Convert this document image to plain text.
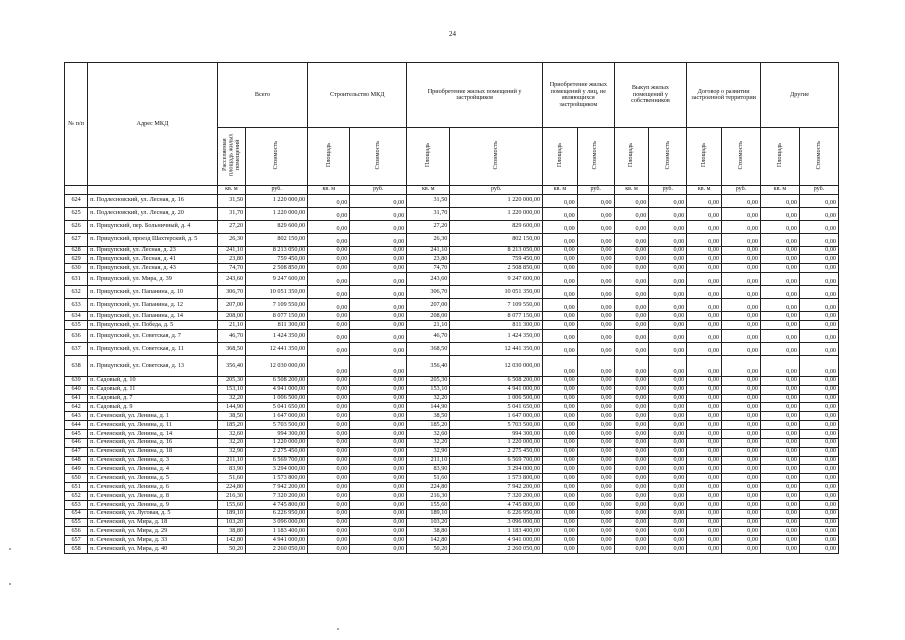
24
№ п/п	Адрес МКД	Всего		Строительство МКД		Приобретение жилых помещений у застройщиков		Приобретение жилых помещений у лиц, не являющихся застройщиком		Выкуп жилых помещений у собственников		Договор о развитии застроенной территории		Другие	
		Расселяемая площадь жилых помещений	Стоимость	Площадь	Стоимость	Площадь	Стоимость	Площадь	Стоимость	Площадь	Стоимость	Площадь	Стоимость	Площадь	Стоимость
		кв. м	руб.	кв. м	руб.	кв. м	руб.	кв. м	руб.	кв. м	руб.	кв. м	руб.	кв. м	руб.
624	п. Подлесновский, ул. Лесная, д. 16	31,50	1 220 000,00	0,00	0,00	31,50	1 220 000,00	0,00	0,00	0,00	0,00	0,00	0,00	0,00	0,00
625	п. Подлесновский, ул. Лесная, д. 20	31,70	1 220 000,00	0,00	0,00	31,70	1 220 000,00	0,00	0,00	0,00	0,00	0,00	0,00	0,00	0,00
626	п. Прицупский, пер. Больничный, д. 4	27,20	829 600,00	0,00	0,00	27,20	829 600,00	0,00	0,00	0,00	0,00	0,00	0,00	0,00	0,00
627	п. Прицупский, проезд Шахтерский, д. 5	26,30	802 150,00	0,00	0,00	26,30	802 150,00	0,00	0,00	0,00	0,00	0,00	0,00	0,00	0,00
628	п. Прицупский, ул. Лесная, д. 23	241,10	8 213 050,00	0,00	0,00	241,10	8 213 050,00	0,00	0,00	0,00	0,00	0,00	0,00	0,00	0,00
629	п. Прицупский, ул. Лесная, д. 41	23,80	759 450,00	0,00	0,00	23,80	759 450,00	0,00	0,00	0,00	0,00	0,00	0,00	0,00	0,00
630	п. Прицупский, ул. Лесная, д. 43	74,70	2 508 850,00	0,00	0,00	74,70	2 508 850,00	0,00	0,00	0,00	0,00	0,00	0,00	0,00	0,00
631	п. Прицупский, ул. Мира, д. 39	243,60	9 247 600,00	0,00	0,00	243,60	9 247 600,00	0,00	0,00	0,00	0,00	0,00	0,00	0,00	0,00
632	п. Прицупский, ул. Папанина, д. 10	306,70	10 051 350,00	0,00	0,00	306,70	10 051 350,00	0,00	0,00	0,00	0,00	0,00	0,00	0,00	0,00
633	п. Прицупский, ул. Папанина, д. 12	207,00	7 109 550,00	0,00	0,00	207,00	7 109 550,00	0,00	0,00	0,00	0,00	0,00	0,00	0,00	0,00
634	п. Прицупский, ул. Папанина, д. 14	208,00	8 077 150,00	0,00	0,00	208,00	8 077 150,00	0,00	0,00	0,00	0,00	0,00	0,00	0,00	0,00
635	п. Прицупский, ул. Победа, д. 5	21,10	811 300,00	0,00	0,00	21,10	811 300,00	0,00	0,00	0,00	0,00	0,00	0,00	0,00	0,00
636	п. Прицупский, ул. Советская, д. 7	46,70	1 424 350,00	0,00	0,00	46,70	1 424 350,00	0,00	0,00	0,00	0,00	0,00	0,00	0,00	0,00
637	п. Прицупский, ул. Советская, д. 11	368,50	12 441 350,00	0,00	0,00	368,50	12 441 350,00	0,00	0,00	0,00	0,00	0,00	0,00	0,00	0,00
638	п. Прицупский, ул. Советская, д. 13	356,40	12 030 000,00	0,00	0,00	356,40	12 030 000,00	0,00	0,00	0,00	0,00	0,00	0,00	0,00	0,00
639	п. Садовый, д. 10	205,30	6 508 200,00	0,00	0,00	205,30	6 508 200,00	0,00	0,00	0,00	0,00	0,00	0,00	0,00	0,00
640	п. Садовый, д. 11	153,10	4 941 000,00	0,00	0,00	153,10	4 941 000,00	0,00	0,00	0,00	0,00	0,00	0,00	0,00	0,00
641	п. Садовый, д. 7	32,20	1 006 500,00	0,00	0,00	32,20	1 006 500,00	0,00	0,00	0,00	0,00	0,00	0,00	0,00	0,00
642	п. Садовый, д. 9	144,90	5 041 650,00	0,00	0,00	144,90	5 041 650,00	0,00	0,00	0,00	0,00	0,00	0,00	0,00	0,00
643	п. Сеченский, ул. Ленина, д. 1	38,50	1 647 000,00	0,00	0,00	38,50	1 647 000,00	0,00	0,00	0,00	0,00	0,00	0,00	0,00	0,00
644	п. Сеченский, ул. Ленина, д. 11	185,20	5 703 500,00	0,00	0,00	185,20	5 703 500,00	0,00	0,00	0,00	0,00	0,00	0,00	0,00	0,00
645	п. Сеченский, ул. Ленина, д. 14	32,60	994 300,00	0,00	0,00	32,60	994 300,00	0,00	0,00	0,00	0,00	0,00	0,00	0,00	0,00
646	п. Сеченский, ул. Ленина, д. 16	32,20	1 220 000,00	0,00	0,00	32,20	1 220 000,00	0,00	0,00	0,00	0,00	0,00	0,00	0,00	0,00
647	п. Сеченский, ул. Ленина, д. 18	32,90	2 275 450,00	0,00	0,00	32,90	2 275 450,00	0,00	0,00	0,00	0,00	0,00	0,00	0,00	0,00
648	п. Сеченский, ул. Ленина, д. 3	211,10	6 569 700,00	0,00	0,00	211,10	6 569 700,00	0,00	0,00	0,00	0,00	0,00	0,00	0,00	0,00
649	п. Сеченский, ул. Ленина, д. 4	83,90	3 294 000,00	0,00	0,00	83,90	3 294 000,00	0,00	0,00	0,00	0,00	0,00	0,00	0,00	0,00
650	п. Сеченский, ул. Ленина, д. 5	51,60	1 573 800,00	0,00	0,00	51,60	1 573 800,00	0,00	0,00	0,00	0,00	0,00	0,00	0,00	0,00
651	п. Сеченский, ул. Ленина, д. 6	224,80	7 942 200,00	0,00	0,00	224,80	7 942 200,00	0,00	0,00	0,00	0,00	0,00	0,00	0,00	0,00
652	п. Сеченский, ул. Ленина, д. 8	216,30	7 320 200,00	0,00	0,00	216,30	7 320 200,00	0,00	0,00	0,00	0,00	0,00	0,00	0,00	0,00
653	п. Сеченский, ул. Ленина, д. 9	155,60	4 745 800,00	0,00	0,00	155,60	4 745 800,00	0,00	0,00	0,00	0,00	0,00	0,00	0,00	0,00
654	п. Сеченский, ул. Луговая, д. 5	189,10	6 226 950,00	0,00	0,00	189,10	6 226 950,00	0,00	0,00	0,00	0,00	0,00	0,00	0,00	0,00
655	п. Сеченский, ул. Мира, д. 18	103,20	3 096 000,00	0,00	0,00	103,20	3 096 000,00	0,00	0,00	0,00	0,00	0,00	0,00	0,00	0,00
656	п. Сеченский, ул. Мира, д. 29	38,80	1 183 400,00	0,00	0,00	38,80	1 183 400,00	0,00	0,00	0,00	0,00	0,00	0,00	0,00	0,00
657	п. Сеченский, ул. Мира, д. 33	142,80	4 941 000,00	0,00	0,00	142,80	4 941 000,00	0,00	0,00	0,00	0,00	0,00	0,00	0,00	0,00
658	п. Сеченский, ул. Мира, д. 40	50,20	2 260 050,00	0,00	0,00	50,20	2 260 050,00	0,00	0,00	0,00	0,00	0,00	0,00	0,00	0,00
